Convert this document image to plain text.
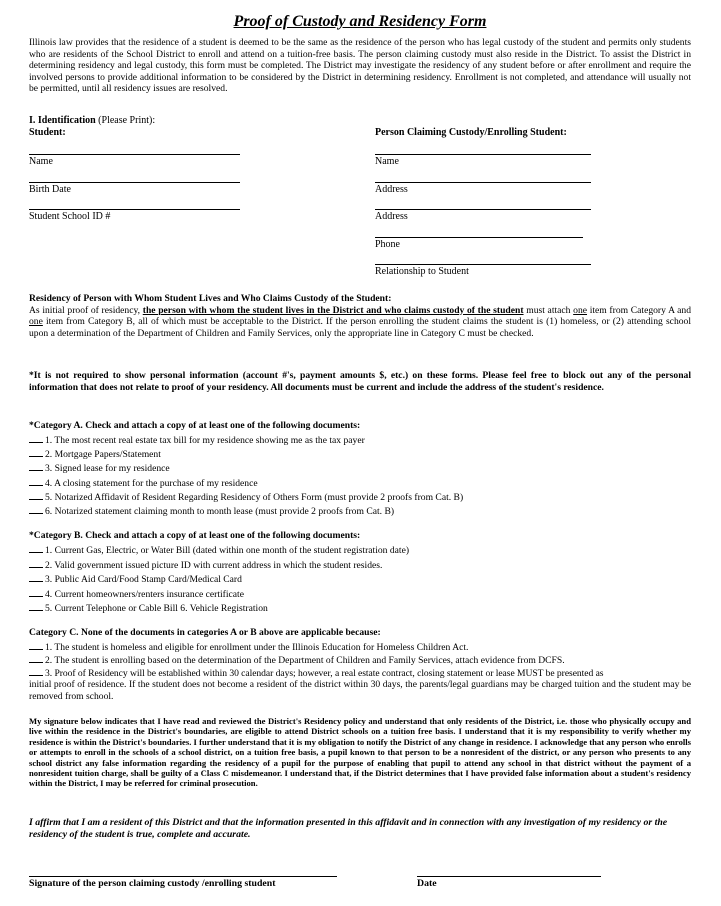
Proof of Custody and Residency Form
Illinois law provides that the residence of a student is deemed to be the same as the residence of the person who has legal custody of the student and permits only students who are residents of the School District to enroll and attend on a tuition-free basis. The person claiming custody must also reside in the District. To assist the District in determining residency and legal custody, this form must be completed. The District may investigate the residency of any student before or after enrollment and require the involved persons to provide additional information to be considered by the District in determining residency. Enrollment is not completed, and attendance will usually not be permitted, until all residency issues are resolved.
I. Identification (Please Print):
Student:	Person Claiming Custody/Enrolling Student:
Name
Birth Date
Student School ID #
Name
Address
Address
Phone
Relationship to Student
Residency of Person with Whom Student Lives and Who Claims Custody of the Student:
As initial proof of residency, the person with whom the student lives in the District and who claims custody of the student must attach one item from Category A and one item from Category B, all of which must be acceptable to the District. If the person enrolling the student claims the student is (1) homeless, or (2) attending school upon a determination of the Department of Children and Family Services, only the appropriate line in Category C must be checked.
*It is not required to show personal information (account #'s, payment amounts $, etc.) on these forms. Please feel free to block out any of the personal information that does not relate to proof of your residency. All documents must be current and include the address of the student's residence.
*Category A. Check and attach a copy of at least one of the following documents:
1. The most recent real estate tax bill for my residence showing me as the tax payer
2. Mortgage Papers/Statement
3. Signed lease for my residence
4. A closing statement for the purchase of my residence
5. Notarized Affidavit of Resident Regarding Residency of Others Form (must provide 2 proofs from Cat. B)
6. Notarized statement claiming month to month lease (must provide 2 proofs from Cat. B)
*Category B. Check and attach a copy of at least one of the following documents:
1. Current Gas, Electric, or Water Bill (dated within one month of the student registration date)
2. Valid government issued picture ID with current address in which the student resides.
3. Public Aid Card/Food Stamp Card/Medical Card
4. Current homeowners/renters insurance certificate
5. Current Telephone or Cable Bill 6. Vehicle Registration
Category C. None of the documents in categories A or B above are applicable because:
1. The student is homeless and eligible for enrollment under the Illinois Education for Homeless Children Act.
2. The student is enrolling based on the determination of the Department of Children and Family Services, attach evidence from DCFS.
3. Proof of Residency will be established within 30 calendar days; however, a real estate contract, closing statement or lease MUST be presented as
initial proof of residence. If the student does not become a resident of the district within 30 days, the parents/legal guardians may be charged tuition and the student may be removed from school.
My signature below indicates that I have read and reviewed the District's Residency policy and understand that only residents of the District, i.e. those who physically occupy and live within the residence in the District's boundaries, are eligible to attend District schools on a tuition free basis. I understand that it is my responsibility to verify whether my residence is within the District's boundaries. I further understand that it is my obligation to notify the District of any change in residence. I acknowledge that any person who enrolls or attempts to enroll in the schools of a school district, on a tuition free basis, a pupil known to that person to be a nonresident of the district, or any person who presents to any school district any false information regarding the residency of a pupil for the purpose of enabling that pupil to attend any school in that district without the payment of a nonresident tuition charge, shall be guilty of a Class C misdemeanor. I understand that, if the District determines that I have provided false information about a student's residency within the District, I may be referred for criminal prosecution.
I affirm that I am a resident of this District and that the information presented in this affidavit and in connection with any investigation of my residency or the residency of the student is true, complete and accurate.
Signature of the person claiming custody /enrolling student	Date
